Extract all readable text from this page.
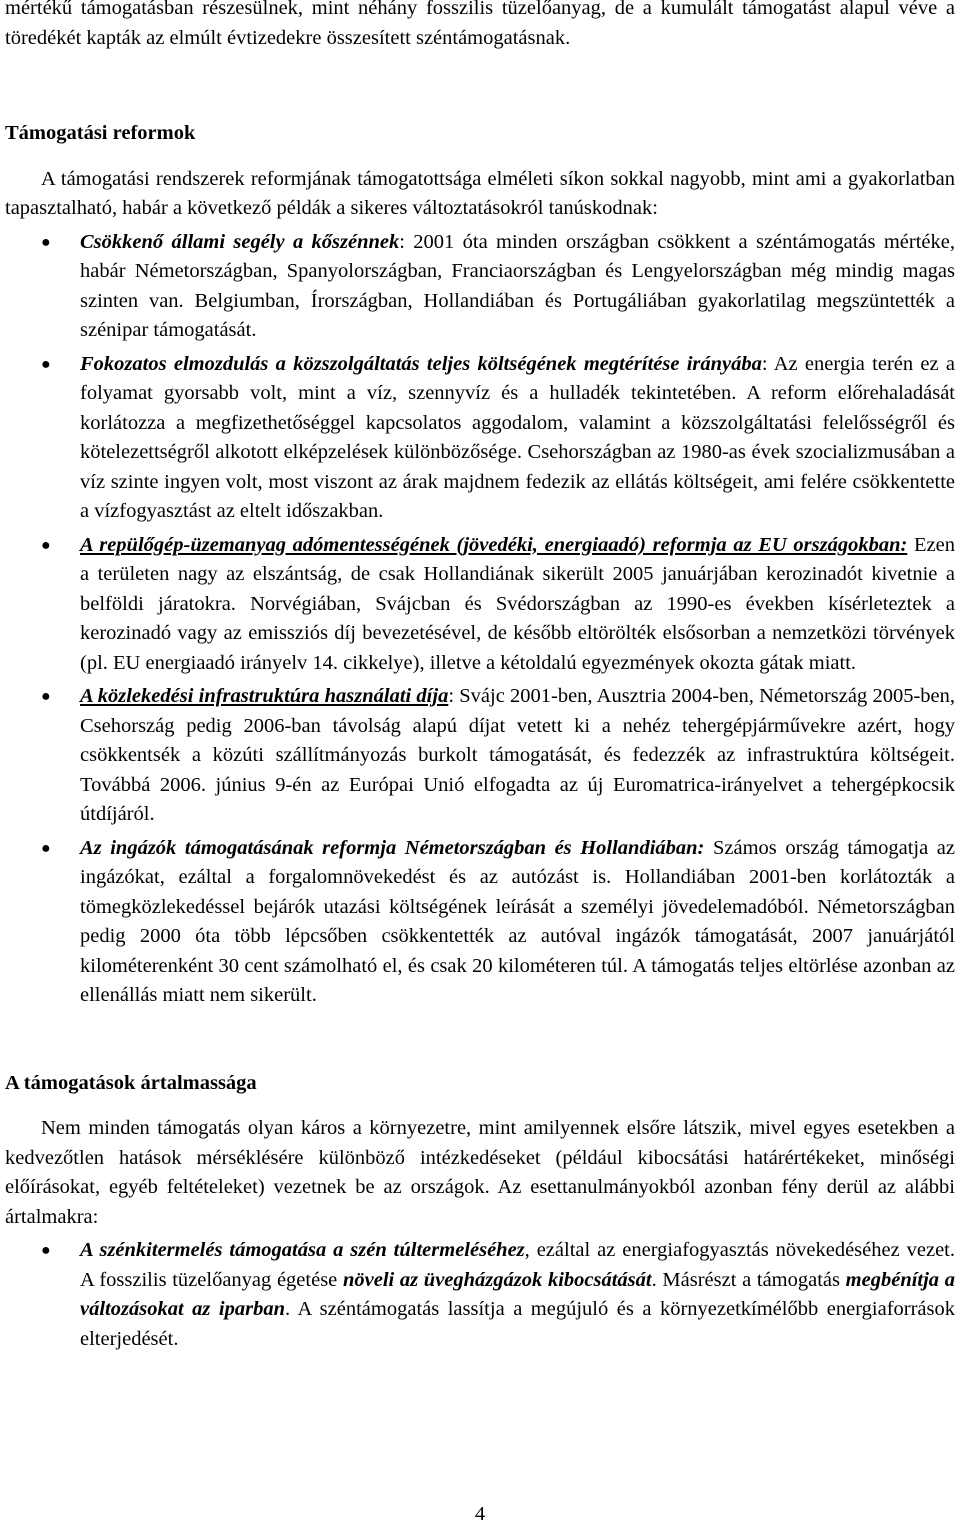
mértékű támogatásban részesülnek, mint néhány fosszilis tüzelőanyag, de a kumulált támogatást alapul véve a töredékét kapták az elmúlt évtizedekre összesített széntámogatásnak.

Támogatási reformok

A támogatási rendszerek reformjának támogatottsága elméleti síkon sokkal nagyobb, mint ami a gyakorlatban tapasztalható, habár a következő példák a sikeres változtatásokról tanúskodnak:

● Csökkenő állami segély a kőszénnek: 2001 óta minden országban csökkent a széntámogatás mértéke, habár Németországban, Spanyolországban, Franciaországban és Lengyelországban még mindig magas szinten van. Belgiumban, Írországban, Hollandiában és Portugáliában gyakorlatilag megszüntették a szénipar támogatását.
● Fokozatos elmozdulás a közszolgáltatás teljes költségének megtérítése irányába: Az energia terén ez a folyamat gyorsabb volt, mint a víz, szennyvíz és a hulladék tekintetében. A reform előrehaladását korlátozza a megfizethetőséggel kapcsolatos aggodalom, valamint a közszolgáltatási felelősségről és kötelezettségről alkotott elképzelések különbözősége. Csehországban az 1980-as évek szocializmusában a víz szinte ingyen volt, most viszont az árak majdnem fedezik az ellátás költségeit, ami felére csökkentette a vízfogyasztást az eltelt időszakban.
● A repülőgép-üzemanyag adómentességének (jövedéki, energiaadó) reformja az EU országokban: Ezen a területen nagy az elszántság, de csak Hollandiának sikerült 2005 januárjában kerozinadót kivetnie a belföldi járatokra. Norvégiában, Svájcban és Svédországban az 1990-es években kísérleteztek a kerozinadó vagy az emissziós díj bevezetésével, de később eltörölték elsősorban a nemzetközi törvények (pl. EU energiaadó irányelv 14. cikkelye), illetve a kétoldalú egyezmények okozta gátak miatt.
● A közlekedési infrastruktúra használati díja: Svájc 2001-ben, Ausztria 2004-ben, Németország 2005-ben, Csehország pedig 2006-ban távolság alapú díjat vetett ki a nehéz tehergépjárművekre azért, hogy csökkentsék a közúti szállítmányozás burkolt támogatását, és fedezzék az infrastruktúra költségeit. Továbbá 2006. június 9-én az Európai Unió elfogadta az új Euromatrica-irányelvet a tehergépkocsik útdíjáról.
● Az ingázók támogatásának reformja Németországban és Hollandiában: Számos ország támogatja az ingázókat, ezáltal a forgalomnövekedést és az autózást is. Hollandiában 2001-ben korlátozták a tömegközlekedéssel bejárók utazási költségének leírását a személyi jövedelemadóból. Németországban pedig 2000 óta több lépcsőben csökkentették az autóval ingázók támogatását, 2007 januárjától kilométerenként 30 cent számolható el, és csak 20 kilométeren túl. A támogatás teljes eltörlése azonban az ellenállás miatt nem sikerült.
A támogatások ártalmassága

Nem minden támogatás olyan káros a környezetre, mint amilyennek elsőre látszik, mivel egyes esetekben a kedvezőtlen hatások mérséklésére különböző intézkedéseket (például kibocsátási határértékeket, minőségi előírásokat, egyéb feltételeket) vezetnek be az országok. Az esettanulmányokból azonban fény derül az alábbi ártalmakra:

● A szénkitermelés támogatása a szén túltermeléséhez, ezáltal az energiafogyasztás növekedéséhez vezet. A fosszilis tüzelőanyag égetése növeli az üvegházgázok kibocsátását. Másrészt a támogatás megbénítja a változásokat az iparban. A széntámogatás lassítja a megújuló és a környezetkímélőbb energiaforrások elterjedését.
4
